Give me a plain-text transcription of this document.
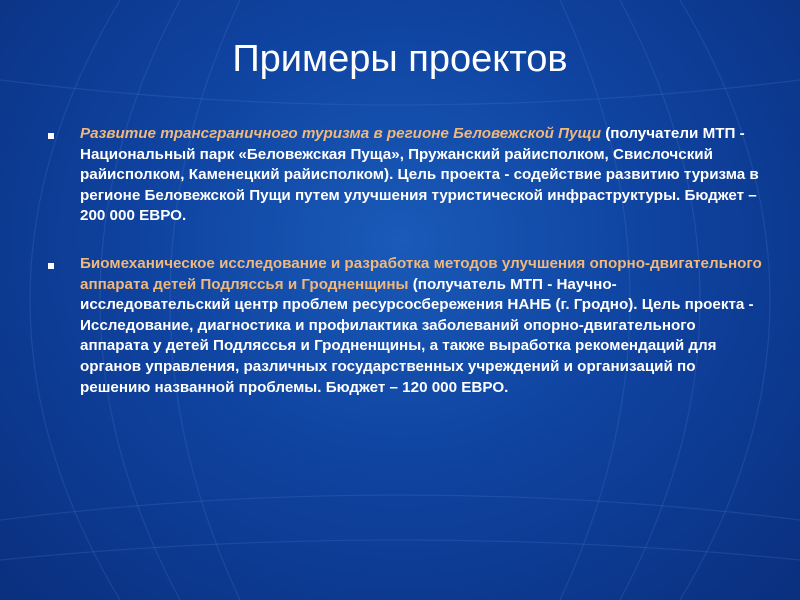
Примеры проектов
Развитие трансграничного туризма в регионе Беловежской Пущи (получатели МТП - Национальный парк «Беловежская Пуща», Пружанский райисполком, Свислочский райисполком, Каменецкий райисполком). Цель проекта - содействие развитию туризма в регионе Беловежской Пущи путем улучшения туристической инфраструктуры. Бюджет – 200 000 ЕВРО.
Биомеханическое исследование и разработка методов улучшения опорно-двигательного аппарата детей Подляссья и Гродненщины (получатель МТП - Научно-исследовательский центр проблем ресурсосбережения НАНБ (г. Гродно). Цель проекта - Исследование, диагностика и профилактика заболеваний опорно-двигательного аппарата у детей Подляссья и Гродненщины, а также выработка рекомендаций для органов управления, различных государственных учреждений и организаций по решению названной проблемы. Бюджет – 120 000 ЕВРО.
